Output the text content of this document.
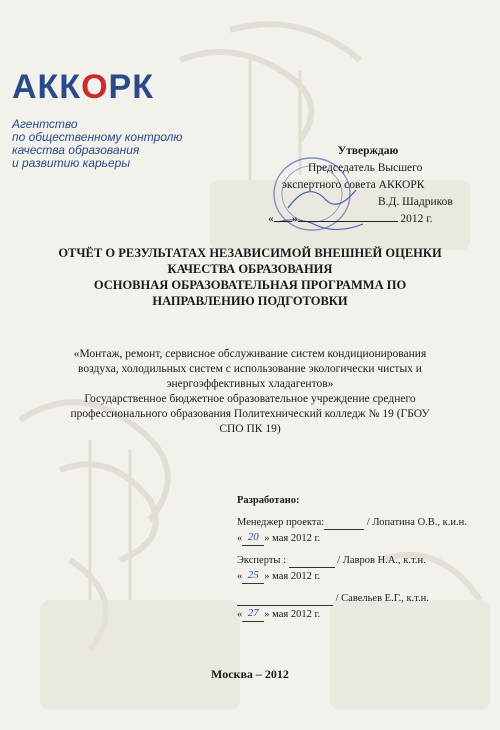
АККОРК
Агентство
по общественному контролю
качества образования
и развитию карьеры
Утверждаю
Председатель Высшего
экспертного совета АККОРК
В.Д. Шадриков
« »	2012 г.
ОТЧЁТ О РЕЗУЛЬТАТАХ НЕЗАВИСИМОЙ ВНЕШНЕЙ ОЦЕНКИ
КАЧЕСТВА ОБРАЗОВАНИЯ
ОСНОВНАЯ ОБРАЗОВАТЕЛЬНАЯ ПРОГРАММА ПО
НАПРАВЛЕНИЮ ПОДГОТОВКИ
«Монтаж, ремонт, сервисное обслуживание систем кондиционирования
воздуха, холодильных систем с использование экологически чистых и
энергоэффективных хладагентов»
Государственное бюджетное образовательное учреждение среднего
профессионального образования Политехнический колледж № 19 (ГБОУ
СПО ПК 19)
Разработано:
Менеджер проекта:	/ Лопатина О.В., к.и.н.
« 20 » мая 2012 г.
Эксперты :	/ Лавров Н.А., к.т.н.
« 25 » мая 2012 г.
/ Савельев Е.Г., к.т.н.
« 27 » мая 2012 г.
Москва – 2012
